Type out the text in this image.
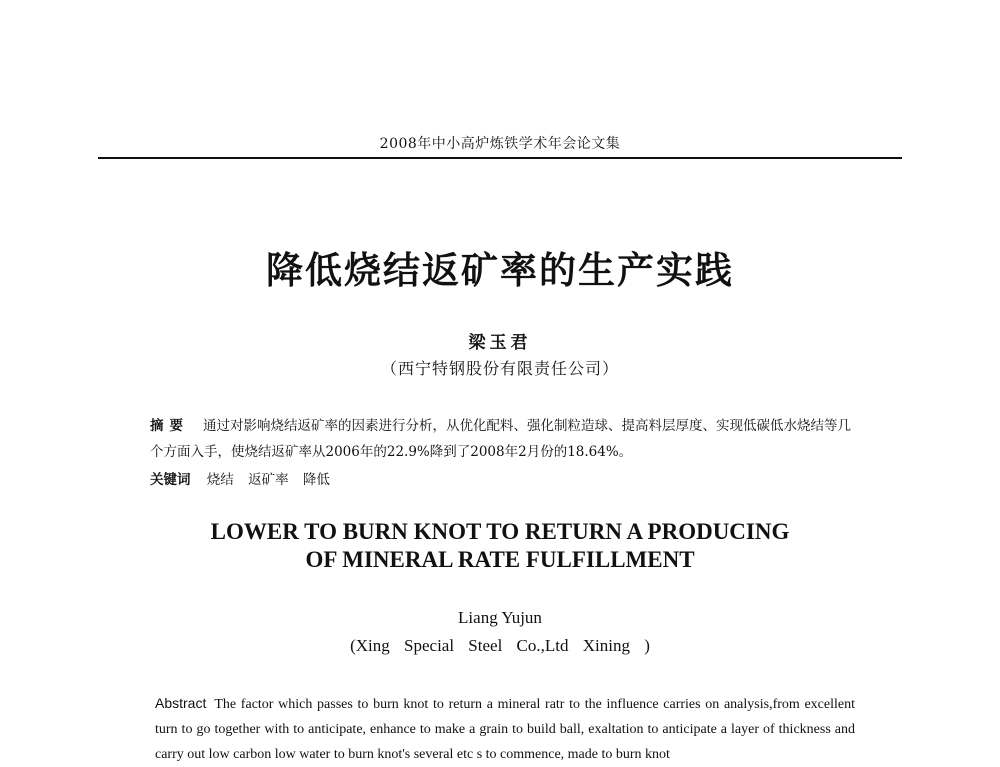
2008年中小高炉炼铁学术年会论文集
降低烧结返矿率的生产实践
梁玉君
（西宁特钢股份有限责任公司）
摘要 通过对影响烧结返矿率的因素进行分析，从优化配料、强化制粒造球、提高料层厚度、实现低碳低水烧结等几个方面入手，使烧结返矿率从2006年的22.9%降到了2008年2月份的18.64%。
关键词 烧结 返矿率 降低
LOWER TO BURN KNOT TO RETURN A PRODUCING
OF MINERAL RATE FULFILLMENT
Liang Yujun
(Xing Special Steel Co.,Ltd Xining )
Abstract The factor which passes to burn knot to return a mineral ratr to the influence carries on analysis,from excellent turn to go together with to anticipate, enhance to make a grain to build ball, exaltation to anticipate a layer of thickness and carry out low carbon low water to burn knot's several etc s to commence, made to burn knot
